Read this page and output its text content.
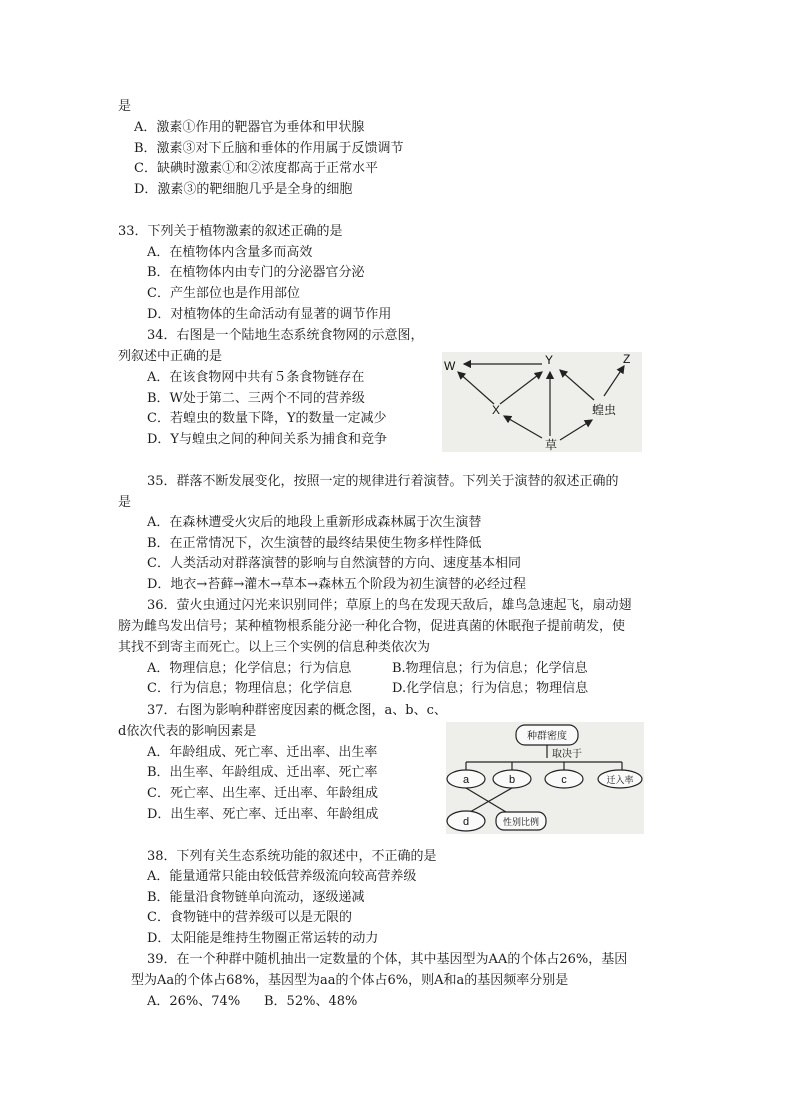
是
A．激素①作用的靶器官为垂体和甲状腺
B．激素③对下丘脑和垂体的作用属于反馈调节
C．缺碘时激素①和②浓度都高于正常水平
D．激素③的靶细胞几乎是全身的细胞
33．下列关于植物激素的叙述正确的是
A．在植物体内含量多而高效
B．在植物体内由专门的分泌器官分泌
C．产生部位也是作用部位
D．对植物体的生命活动有显著的调节作用
34．右图是一个陆地生态系统食物网的示意图，
列叙述中正确的是
A．在该食物网中共有５条食物链存在
B．W处于第二、三两个不同的营养级
C．若蝗虫的数量下降，Y的数量一定减少
D．Y与蝗虫之间的种间关系为捕食和竞争
W	Y	Z
X	蝗虫
草
35．群落不断发展变化，按照一定的规律进行着演替。下列关于演替的叙述正确的
是
A．在森林遭受火灾后的地段上重新形成森林属于次生演替
B．在正常情况下，次生演替的最终结果使生物多样性降低
C．人类活动对群落演替的影响与自然演替的方向、速度基本相同
D．地衣→苔藓→灌木→草本→森林五个阶段为初生演替的必经过程
36．萤火虫通过闪光来识别同伴；草原上的鸟在发现天敌后，雄鸟急速起飞，扇动翅
膀为雌鸟发出信号；某种植物根系能分泌一种化合物，促进真菌的休眠孢子提前萌发，使
其找不到寄主而死亡。以上三个实例的信息种类依次为
A．物理信息；化学信息；行为信息	B.物理信息；行为信息；化学信息
C．行为信息；物理信息；化学信息	D.化学信息；行为信息；物理信息
37．右图为影响种群密度因素的概念图，a、b、c、
d依次代表的影响因素是
A．年龄组成、死亡率、迁出率、出生率
B．出生率、年龄组成、迁出率、死亡率
C．死亡率、出生率、迁出率、年龄组成
D．出生率、死亡率、迁出率、年龄组成
种群密度
取决于
a	b	c	迁入率
d	性别比例
38．下列有关生态系统功能的叙述中，不正确的是
A．能量通常只能由较低营养级流向较高营养级
B．能量沿食物链单向流动，逐级递减
C．食物链中的营养级可以是无限的
D．太阳能是维持生物圈正常运转的动力
39．在一个种群中随机抽出一定数量的个体，其中基因型为AA的个体占26%，基因
型为Aa的个体占68%，基因型为aa的个体占6%，则A和a的基因频率分别是
A．26%、74% B．52%、48%
